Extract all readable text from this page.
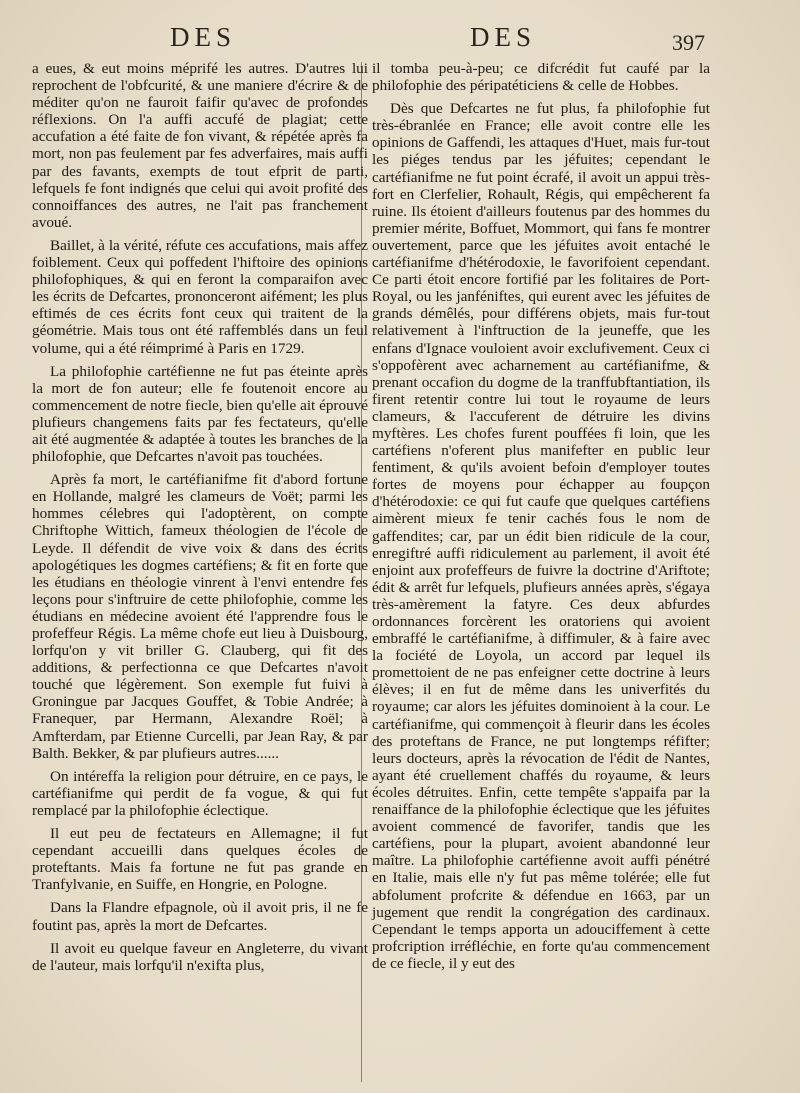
DES	DES	397

a eues, & eut moins méprifé les autres. D'autres lui reprochent de l'obfcurité, & une maniere d'écrire & de méditer qu'on ne fauroit faifir qu'avec de profondes réflexions. On l'a auffi accufé de plagiat; cette accufation a été faite de fon vivant, & répétée après fa mort, non pas feulement par fes adverfaires, mais auffi par des favants, exempts de tout efprit de parti, lefquels fe font indignés que celui qui avoit profité des connoiffances des autres, ne l'ait pas franchement avoué.

Baillet, à la vérité, réfute ces accufations, mais affez foiblement. Ceux qui poffedent l'hiftoire des opinions philofophiques, & qui en feront la comparaifon avec les écrits de Defcartes, prononceront aifément; les plus eftimés de ces écrits font ceux qui traitent de la géométrie. Mais tous ont été raffemblés dans un feul volume, qui a été réimprimé à Paris en 1729.

La philofophie cartéfienne ne fut pas éteinte après la mort de fon auteur; elle fe foutenoit encore au commencement de notre fiecle, bien qu'elle ait éprouvé plufieurs changemens faits par fes fectateurs, qu'elle ait été augmentée & adaptée à toutes les branches de la philofophie, que Defcartes n'avoit pas touchées.

Après fa mort, le cartéfianifme fit d'abord fortune en Hollande, malgré les clameurs de Voët; parmi les hommes célebres qui l'adoptèrent, on compte Chriftophe Wittich, fameux théologien de l'école de Leyde. Il défendit de vive voix & dans des écrits apologétiques les dogmes cartéfiens; & fit en forte que les étudians en théologie vinrent à l'envi entendre fes leçons pour s'inftruire de cette philofophie, comme les étudians en médecine avoient été l'apprendre fous le profeffeur Régis. La même chofe eut lieu à Duisbourg, lorfqu'on y vit briller G. Clauberg, qui fit des additions, & perfectionna ce que Defcartes n'avoit touché que légèrement. Son exemple fut fuivi à Groningue par Jacques Gouffet, & Tobie Andrée; à Franequer, par Hermann, Alexandre Roël; à Amfterdam, par Etienne Curcelli, par Jean Ray, & par Balth. Bekker, & par plufieurs autres......

On intéreffa la religion pour détruire, en ce pays, le cartéfianifme qui perdit de fa vogue, & qui fut remplacé par la philofophie éclectique.

Il eut peu de fectateurs en Allemagne; il fut cependant accueilli dans quelques écoles de proteftants. Mais fa fortune ne fut pas grande en Tranfylvanie, en Suiffe, en Hongrie, en Pologne.

Dans la Flandre efpagnole, où il avoit pris, il ne fe foutint pas, après la mort de Defcartes.

Il avoit eu quelque faveur en Angleterre, du vivant de l'auteur, mais lorfqu'il n'exifta plus,

il tomba peu-à-peu; ce difcrédit fut caufé par la philofophie des péripatéticiens & celle de Hobbes.

Dès que Defcartes ne fut plus, fa philofophie fut très-ébranlée en France; elle avoit contre elle les opinions de Gaffendi, les attaques d'Huet, mais fur-tout les piéges tendus par les jéfuites; cependant le cartéfianifme ne fut point écrafé, il avoit un appui très-fort en Clerfelier, Rohault, Régis, qui empêcherent fa ruine. Ils étoient d'ailleurs foutenus par des hommes du premier mérite, Boffuet, Mommort, qui fans fe montrer ouvertement, parce que les jéfuites avoit entaché le cartéfianifme d'hétérodoxie, le favorifoient cependant. Ce parti étoit encore fortifié par les folitaires de Port-Royal, ou les janféniftes, qui eurent avec les jéfuites de grands démêlés, pour différens objets, mais fur-tout relativement à l'inftruction de la jeuneffe, que les enfans d'Ignace vouloient avoir exclufivement. Ceux ci s'oppofèrent avec acharnement au cartéfianifme, & prenant occafion du dogme de la tranffubftantiation, ils firent retentir contre lui tout le royaume de leurs clameurs, & l'accuferent de détruire les divins myftères. Les chofes furent pouffées fi loin, que les cartéfiens n'oferent plus manifefter en public leur fentiment, & qu'ils avoient befoin d'employer toutes fortes de moyens pour échapper au foupçon d'hétérodoxie: ce qui fut caufe que quelques cartéfiens aimèrent mieux fe tenir cachés fous le nom de gaffendites; car, par un édit bien ridicule de la cour, enregiftré auffi ridiculement au parlement, il avoit été enjoint aux profeffeurs de fuivre la doctrine d'Ariftote; édit & arrêt fur lefquels, plufieurs années après, s'égaya très-amèrement la fatyre. Ces deux abfurdes ordonnances forcèrent les oratoriens qui avoient embraffé le cartéfianifme, à diffimuler, & à faire avec la fociété de Loyola, un accord par lequel ils promettoient de ne pas enfeigner cette doctrine à leurs élèves; il en fut de même dans les univerfités du royaume; car alors les jéfuites dominoient à la cour. Le cartéfianifme, qui commençoit à fleurir dans les écoles des proteftans de France, ne put longtemps réfifter; leurs docteurs, après la révocation de l'édit de Nantes, ayant été cruellement chaffés du royaume, & leurs écoles détruites. Enfin, cette tempête s'appaifa par la renaiffance de la philofophie éclectique que les jéfuites avoient commencé de favorifer, tandis que les cartéfiens, pour la plupart, avoient abandonné leur maître. La philofophie cartéfienne avoit auffi pénétré en Italie, mais elle n'y fut pas même tolérée; elle fut abfolument profcrite & défendue en 1663, par un jugement que rendit la congrégation des cardinaux. Cependant le temps apporta un adouciffement à cette profcription irréfléchie, en forte qu'au commencement de ce fiecle, il y eut des
